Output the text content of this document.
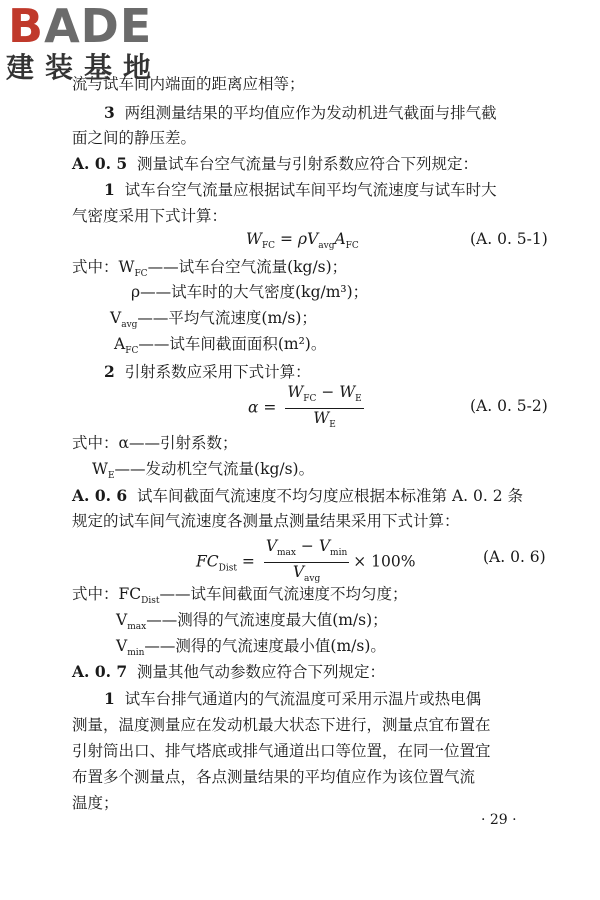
BADE
建装基地
流与试车间内端面的距离应相等；
3 两组测量结果的平均值应作为发动机进气截面与排气截
面之间的静压差。
A. 0. 5 测量试车台空气流量与引射系数应符合下列规定：
1 试车台空气流量应根据试车间平均气流速度与试车时大
气密度采用下式计算：
$W_{FC} = \rho V_{avg}A_{FC}$	(A. 0. 5-1)
式中：$W_{FC}——$试车台空气流量(kg/s)；
ρ——试车时的大气密度(kg/m³)；
$V_{avg}——$平均气流速度(m/s)；
$A_{FC}——$试车间截面面积(m²)。
2 引射系数应采用下式计算：
$\alpha = \frac{W_{FC} - W_E}{W_E}$	(A. 0. 5-2)
式中：α——引射系数；
$W_E——$发动机空气流量(kg/s)。
A. 0. 6 试车间截面气流速度不均匀度应根据本标准第 A. 0. 2 条
规定的试车间气流速度各测量点测量结果采用下式计算：
$FC_{Dist} = \frac{V_{max} - V_{min}}{V_{avg}} \times 100\%$	(A. 0. 6)
式中：$FC_{Dist}——$试车间截面气流速度不均匀度；
$V_{max}——$测得的气流速度最大值(m/s)；
$V_{min}——$测得的气流速度最小值(m/s)。
A. 0. 7 测量其他气动参数应符合下列规定：
1 试车台排气通道内的气流温度可采用示温片或热电偶
测量，温度测量应在发动机最大状态下进行，测量点宜布置在
引射筒出口、排气塔底或排气通道出口等位置，在同一位置宜
布置多个测量点，各点测量结果的平均值应作为该位置气流
温度；
· 29 ·
